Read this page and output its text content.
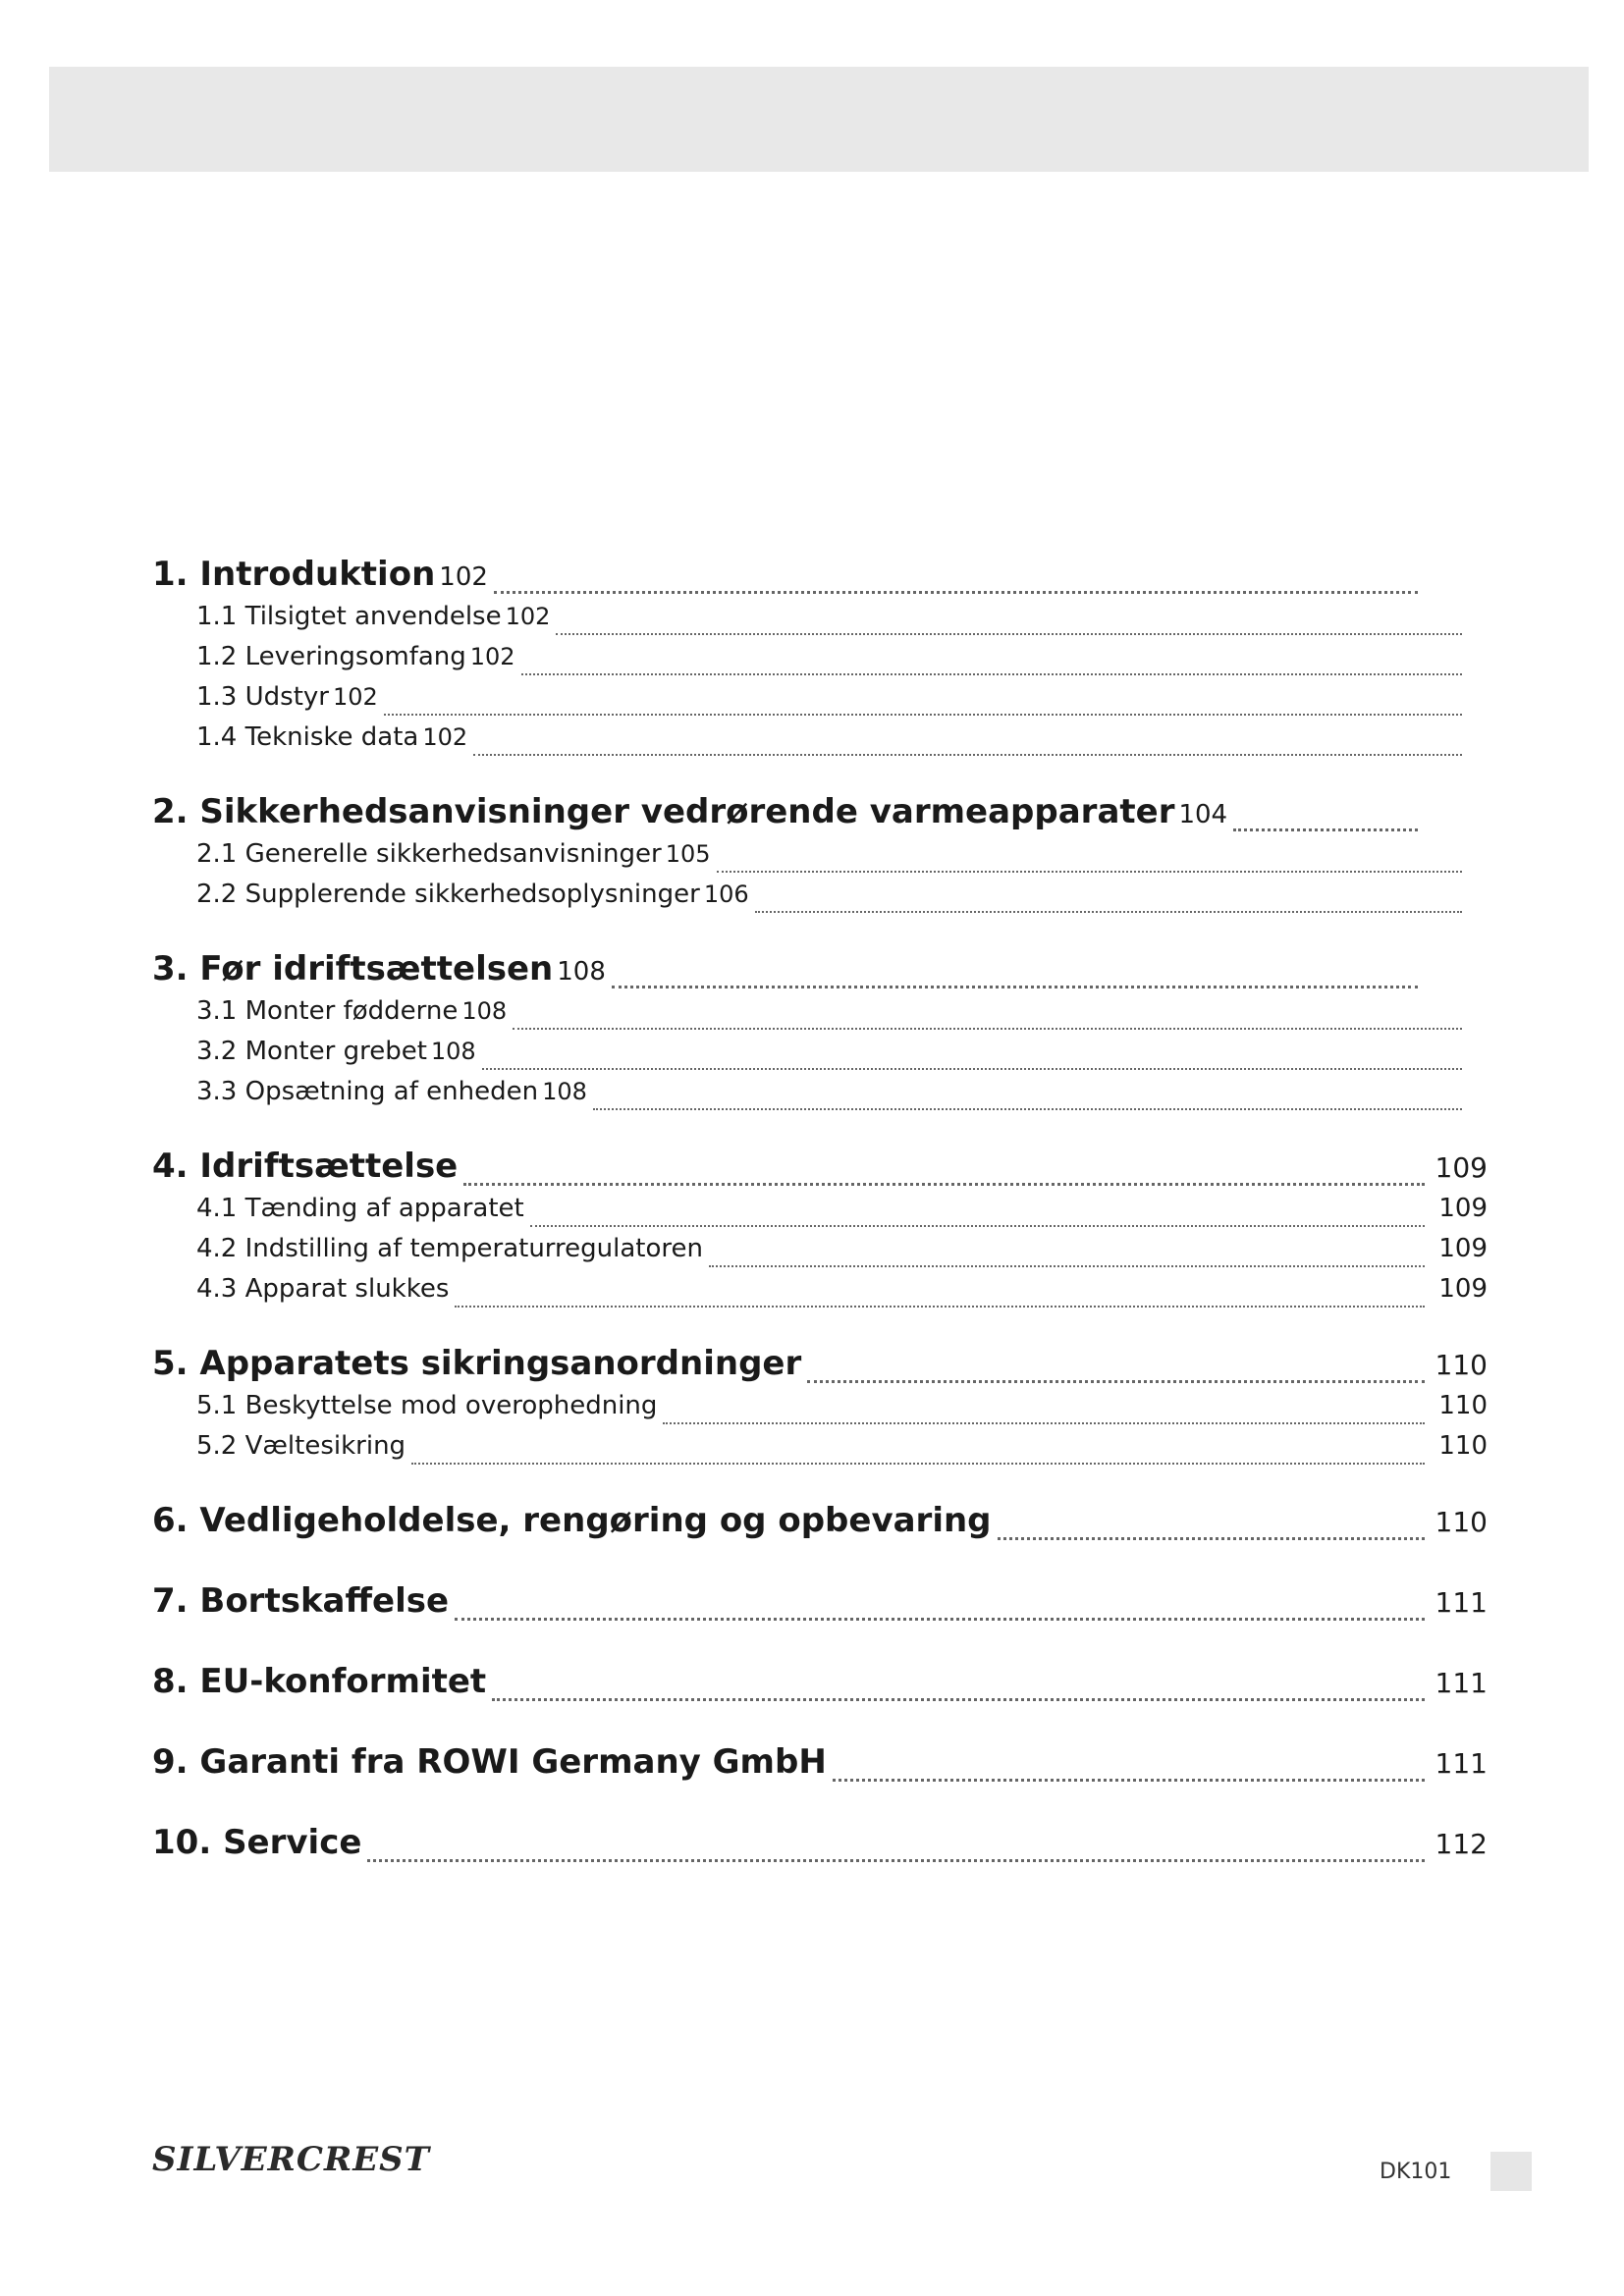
1. Introduktion 102
1.1 Tilsigtet anvendelse 102
1.2 Leveringsomfang 102
1.3 Udstyr 102
1.4 Tekniske data 102
2. Sikkerhedsanvisninger vedrørende varmeapparater 104
2.1 Generelle sikkerhedsanvisninger 105
2.2 Supplerende sikkerhedsoplysninger 106
3. Før idriftsættelsen 108
3.1 Monter fødderne 108
3.2 Monter grebet 108
3.3 Opsætning af enheden 108
4. Idriftsættelse	109
4.1 Tænding af apparatet	109
4.2 Indstilling af temperaturregulatoren	109
4.3 Apparat slukkes	109
5. Apparatets sikringsanordninger	110
5.1 Beskyttelse mod overophedning	110
5.2 Væltesikring	110
6. Vedligeholdelse, rengøring og opbevaring	110
7. Bortskaffelse	111
8. EU-konformitet	111
9. Garanti fra ROWI Germany GmbH	111
10. Service	112
SILVERCREST	DK101
